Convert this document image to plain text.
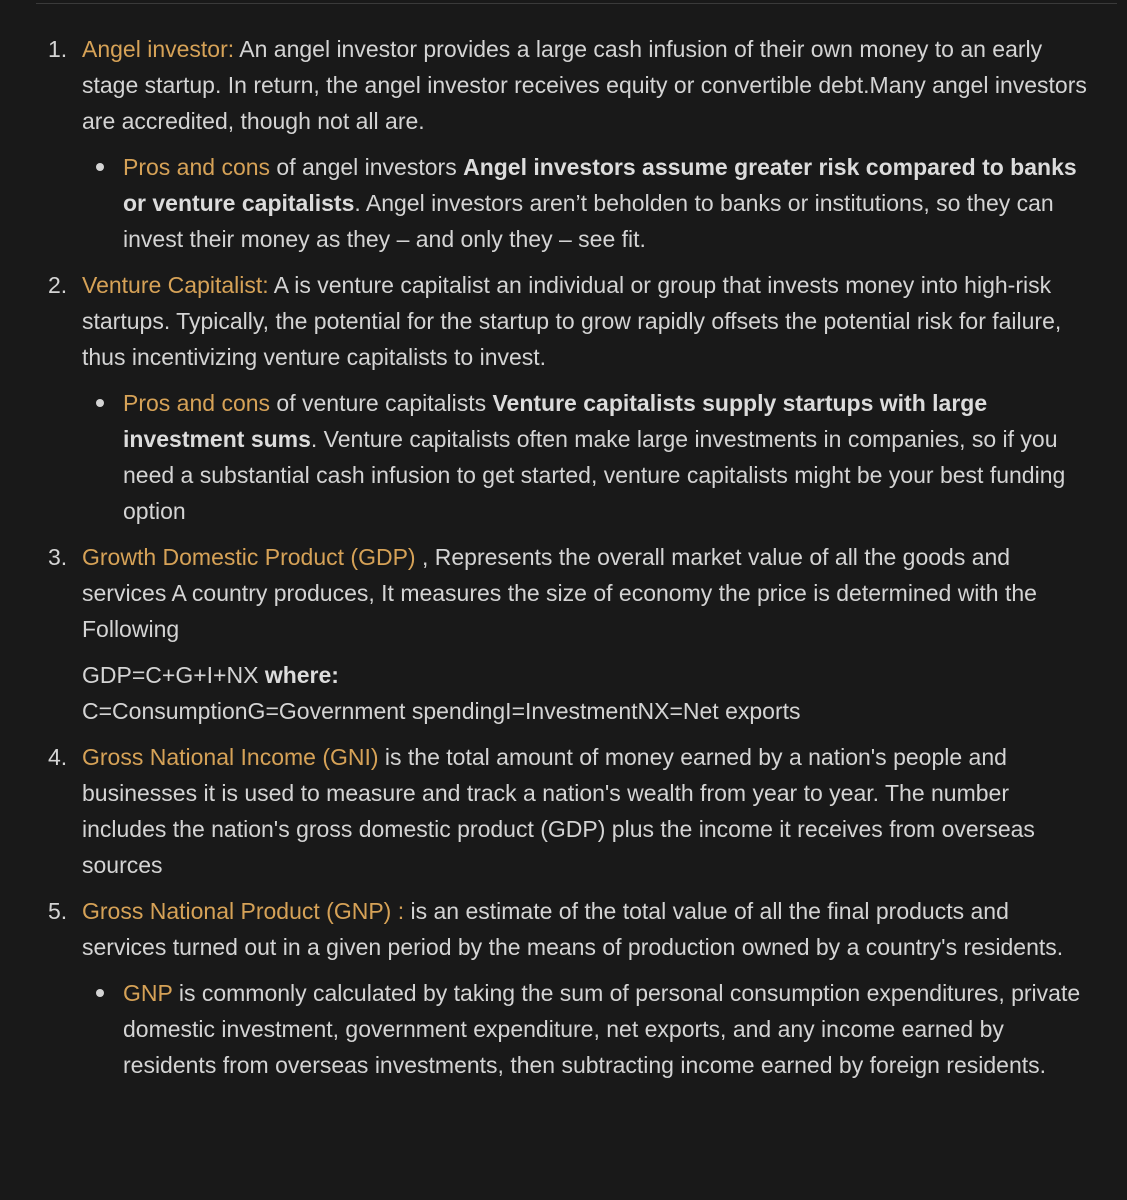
1. Angel investor: An angel investor provides a large cash infusion of their own money to an early stage startup. In return, the angel investor receives equity or convertible debt.Many angel investors are accredited, though not all are.

Pros and cons of angel investors Angel investors assume greater risk compared to banks or venture capitalists. Angel investors aren’t beholden to banks or institutions, so they can invest their money as they – and only they – see fit.
2. Venture Capitalist: A is venture capitalist an individual or group that invests money into high-risk startups. Typically, the potential for the startup to grow rapidly offsets the potential risk for failure, thus incentivizing venture capitalists to invest.

Pros and cons of venture capitalists Venture capitalists supply startups with large investment sums. Venture capitalists often make large investments in companies, so if you need a substantial cash infusion to get started, venture capitalists might be your best funding option
3. Growth Domestic Product (GDP) , Represents the overall market value of all the goods and services A country produces, It measures the size of economy the price is determined with the Following

GDP=C+G+I+NX where:
C=ConsumptionG=Government spendingI=InvestmentNX=Net exports

4. Gross National Income (GNI) is the total amount of money earned by a nation's people and businesses it is used to measure and track a nation's wealth from year to year. The number includes the nation's gross domestic product (GDP) plus the income it receives from overseas sources

5. Gross National Product (GNP) : is an estimate of the total value of all the final products and services turned out in a given period by the means of production owned by a country's residents.

GNP is commonly calculated by taking the sum of personal consumption expenditures, private domestic investment, government expenditure, net exports, and any income earned by residents from overseas investments, then subtracting income earned by foreign residents.
